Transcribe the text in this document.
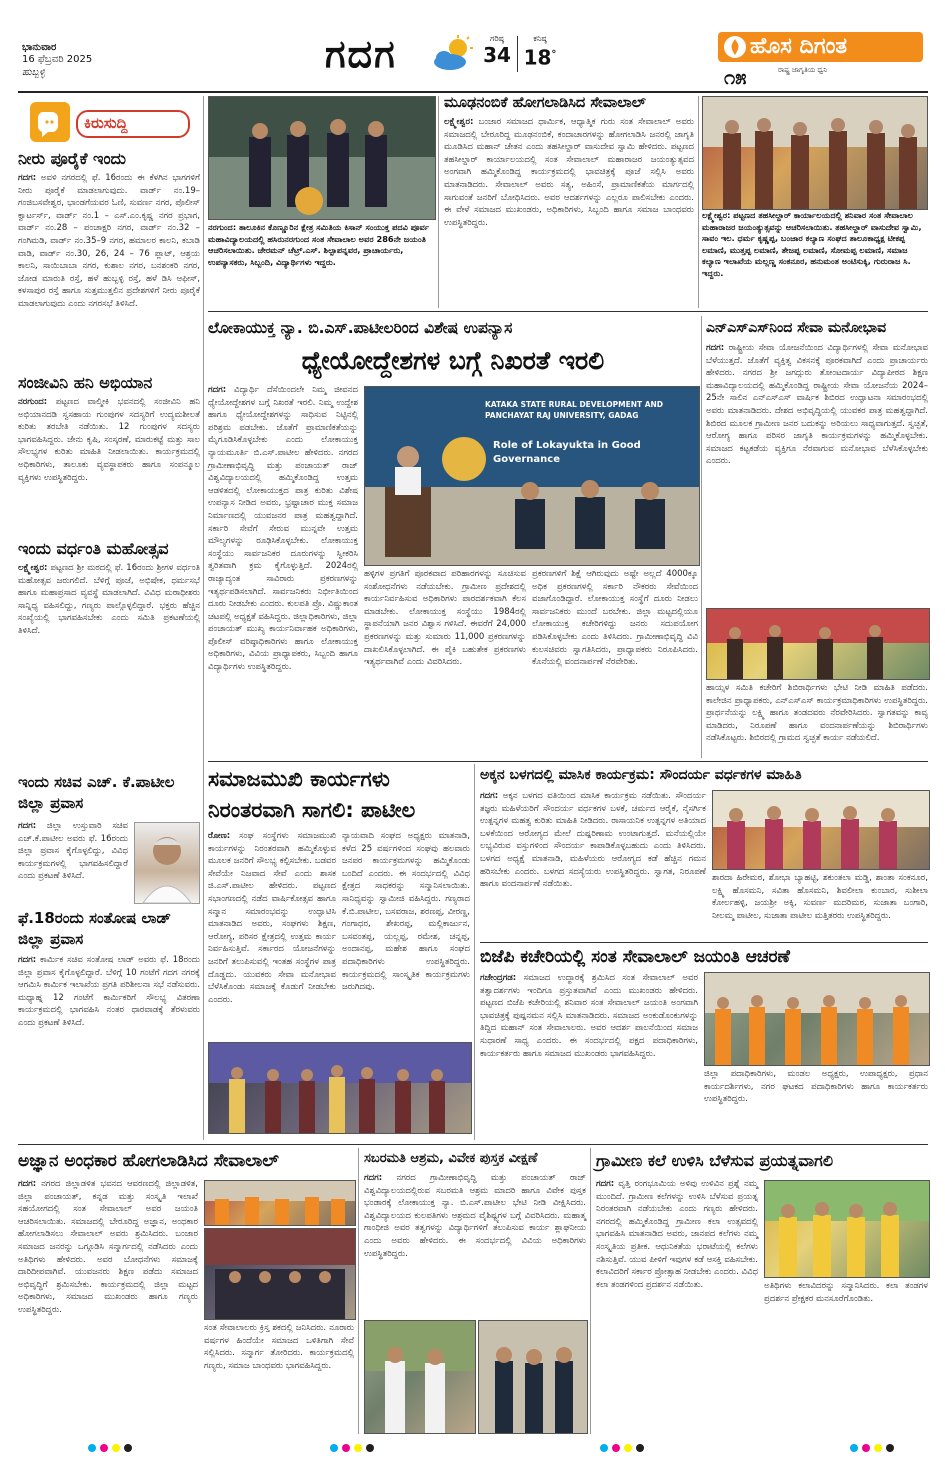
ಭಾನುವಾರ
16 ಫೆಬ್ರವರಿ 2025
ಹುಬ್ಬಳ್ಳಿ	ಗದಗ	ಗರಿಷ್ಠ
34
ಕನಿಷ್ಠ
18°	ಹೊಸ ದಿಗಂತ
ರಾಷ್ಟ್ರ ಜಾಗೃತಿಯ ಧ್ವನಿ
೧೫
ಕಿರುಸುದ್ದಿ
ನೀರು ಪೂರೈಕೆ ಇಂದು
ಗದಗ: ಅವಳಿ ನಗರದಲ್ಲಿ ಫೆ. 16ರಂದು ಈ ಕೆಳಗಿನ ಭಾಗಗಳಿಗೆ ನೀರು ಪೂರೈಕೆ ಮಾಡಲಾಗುವುದು. ವಾರ್ಡ್ ನಂ.19–ಗಂಜಿಬಸವೇಶ್ವರ, ಭಾಂಡಗೆಯವರ ಓಣಿ, ಸುವರ್ಣ ನಗರ, ಪೊಲೀಸ್ ಕ್ವಾರ್ಟರ್ಸ್, ವಾರ್ಡ್ ನಂ.1 – ಎಸ್.ಎಂ.ಕೃಷ್ಣ ನಗರ ಪ್ರಭಾಗ, ವಾರ್ಡ್ ನಂ.28 – ಪಂಚಾಕ್ಷರಿ ನಗರ, ವಾರ್ಡ್ ನಂ.32 – ಗಂಗಿಮಡಿ, ವಾರ್ಡ್ ನಂ.35–9 ನಗರ, ಹಮಾಲರ ಕಾಲನಿ, ಕಬಾಡಿ ವಾಡಿ, ವಾರ್ಡ್ ನಂ.30, 26, 24 – 76 ಪ್ಲಾಟ್, ಆಶ್ರಯ ಕಾಲನಿ, ಸಾಯಿಬಾಬಾ ನಗರ, ಕುಶಾಲ ನಗರ, ಬನಶಂಕರಿ ನಗರ, ಜೋಡ ಮಾರುತಿ ರಸ್ತೆ, ಹಳೆ ಹುಬ್ಬಳ್ಳಿ ರಸ್ತೆ, ಹಳೆ ಡಿಸಿ ಆಫೀಸ್, ಕಳಸಾಪುರ ರಸ್ತೆ ಹಾಗೂ ಸುತ್ತಮುತ್ತಲಿನ ಪ್ರದೇಶಗಳಿಗೆ ನೀರು ಪೂರೈಕೆ ಮಾಡಲಾಗುವುದು ಎಂದು ನಗರಸಭೆ ತಿಳಿಸಿದೆ.
ಸಂಜೀವಿನಿ ಹನಿ ಅಭಿಯಾನ
ನರಗುಂದ: ಪಟ್ಟಣದ ವಾಲ್ಮೀಕಿ ಭವನದಲ್ಲಿ ಸಂಜೀವಿನಿ ಹನಿ ಅಭಿಯಾನದಡಿ ಸ್ವಸಹಾಯ ಗುಂಪುಗಳ ಸದಸ್ಯರಿಗೆ ಉದ್ಯಮಶೀಲತೆ ಕುರಿತು ತರಬೇತಿ ನಡೆಯಿತು. 12 ಗುಂಪುಗಳ ಸದಸ್ಯರು ಭಾಗವಹಿಸಿದ್ದರು. ಜೇನು ಕೃಷಿ, ಸಂಸ್ಕರಣೆ, ಮಾರುಕಟ್ಟೆ ಮತ್ತು ಸಾಲ ಸೌಲಭ್ಯಗಳ ಕುರಿತು ಮಾಹಿತಿ ನೀಡಲಾಯಿತು. ಕಾರ್ಯಕ್ರಮದಲ್ಲಿ ಅಧಿಕಾರಿಗಳು, ತಾಲೂಕು ವ್ಯವಸ್ಥಾಪಕರು ಹಾಗೂ ಸಂಪನ್ಮೂಲ ವ್ಯಕ್ತಿಗಳು ಉಪಸ್ಥಿತರಿದ್ದರು.
ಇಂದು ವರ್ಧಂತಿ ಮಹೋತ್ಸವ
ಲಕ್ಷ್ಮೇಶ್ವರ: ಪಟ್ಟಣದ ಶ್ರೀ ಮಠದಲ್ಲಿ ಫೆ. 16ರಂದು ಶ್ರೀಗಳ ವರ್ಧಂತಿ ಮಹೋತ್ಸವ ಜರುಗಲಿದೆ. ಬೆಳಿಗ್ಗೆ ಪೂಜೆ, ಅಭಿಷೇಕ, ಧರ್ಮಸಭೆ ಹಾಗೂ ಮಹಾಪ್ರಸಾದ ವ್ಯವಸ್ಥೆ ಮಾಡಲಾಗಿದೆ. ವಿವಿಧ ಮಠಾಧೀಶರು ಸಾನ್ನಿಧ್ಯ ವಹಿಸಲಿದ್ದು, ಗಣ್ಯರು ಪಾಲ್ಗೊಳ್ಳಲಿದ್ದಾರೆ. ಭಕ್ತರು ಹೆಚ್ಚಿನ ಸಂಖ್ಯೆಯಲ್ಲಿ ಭಾಗವಹಿಸಬೇಕು ಎಂದು ಸಮಿತಿ ಪ್ರಕಟಣೆಯಲ್ಲಿ ತಿಳಿಸಿದೆ.
ಇಂದು ಸಚಿವ ಎಚ್. ಕೆ.ಪಾಟೀಲ ಜಿಲ್ಲಾ ಪ್ರವಾಸ
ಗದಗ: ಜಿಲ್ಲಾ ಉಸ್ತುವಾರಿ ಸಚಿವ ಎಚ್.ಕೆ.ಪಾಟೀಲ ಅವರು ಫೆ. 16ರಂದು ಜಿಲ್ಲಾ ಪ್ರವಾಸ ಕೈಗೊಳ್ಳಲಿದ್ದು, ವಿವಿಧ ಕಾರ್ಯಕ್ರಮಗಳಲ್ಲಿ ಭಾಗವಹಿಸಲಿದ್ದಾರೆ ಎಂದು ಪ್ರಕಟಣೆ ತಿಳಿಸಿದೆ.
ಫೆ.18ರಂದು ಸಂತೋಷ ಲಾಡ್ ಜಿಲ್ಲಾ ಪ್ರವಾಸ
ಗದಗ: ಕಾರ್ಮಿಕ ಸಚಿವ ಸಂತೋಷ ಲಾಡ್ ಅವರು ಫೆ. 18ರಂದು ಜಿಲ್ಲಾ ಪ್ರವಾಸ ಕೈಗೊಳ್ಳಲಿದ್ದಾರೆ. ಬೆಳಿಗ್ಗೆ 10 ಗಂಟೆಗೆ ಗದಗ ನಗರಕ್ಕೆ ಆಗಮಿಸಿ ಕಾರ್ಮಿಕ ಇಲಾಖೆಯ ಪ್ರಗತಿ ಪರಿಶೀಲನಾ ಸಭೆ ನಡೆಸುವರು. ಮಧ್ಯಾಹ್ನ 12 ಗಂಟೆಗೆ ಕಾರ್ಮಿಕರಿಗೆ ಸೌಲಭ್ಯ ವಿತರಣಾ ಕಾರ್ಯಕ್ರಮದಲ್ಲಿ ಭಾಗವಹಿಸಿ ನಂತರ ಧಾರವಾಡಕ್ಕೆ ತೆರಳುವರು ಎಂದು ಪ್ರಕಟಣೆ ತಿಳಿಸಿದೆ.
ನರಗುಂದ: ತಾಲೂಕಿನ ಕೊಣ್ಣೂರಿನ ಕ್ಷೇತ್ರ ಸಮಿತಿಯ ಕಿಸಾನ್ ಸಂಯುಕ್ತ ಪದವಿ ಪೂರ್ವ ಮಹಾವಿದ್ಯಾಲಯದಲ್ಲಿ ಹಸಿರುನರಗುಂದ ಸಂತ ಸೇವಾಲಾಲ ಅವರ 286ನೇ ಜಯಂತಿ ಆಚರಿಸಲಾಯಿತು. ಚೇರಮನ್ ಚೆಟ್ರ್.ಎಸ್. ಶಿಲ್ಪಾಪನ್ನವರ, ಪ್ರಾಚಾರ್ಯರು, ಉಪನ್ಯಾಸಕರು, ಸಿಬ್ಬಂದಿ, ವಿದ್ಯಾರ್ಥಿಗಳು ಇದ್ದರು.
ಮೂಢನಂಬಿಕೆ ಹೋಗಲಾಡಿಸಿದ ಸೇವಾಲಾಲ್
ಲಕ್ಷ್ಮೇಶ್ವರ: ಬಂಜಾರ ಸಮಾಜದ ಧಾರ್ಮಿಕ, ಆಧ್ಯಾತ್ಮಿಕ ಗುರು ಸಂತ ಸೇವಾಲಾಲ್ ಅವರು ಸಮಾಜದಲ್ಲಿ ಬೇರೂರಿದ್ದ ಮೂಢನಂಬಿಕೆ, ಕಂದಾಚಾರಗಳನ್ನು ಹೋಗಲಾಡಿಸಿ ಜನರಲ್ಲಿ ಜಾಗೃತಿ ಮೂಡಿಸಿದ ಮಹಾನ್ ಚೇತನ ಎಂದು ತಹಸೀಲ್ದಾರ್ ವಾಸುದೇವ ಸ್ವಾಮಿ ಹೇಳಿದರು. ಪಟ್ಟಣದ ತಹಸೀಲ್ದಾರ್ ಕಾರ್ಯಾಲಯದಲ್ಲಿ ಸಂತ ಸೇವಾಲಾಲ್ ಮಹಾರಾಜರ ಜಯಂತ್ಯುತ್ಸವದ ಅಂಗವಾಗಿ ಹಮ್ಮಿಕೊಂಡಿದ್ದ ಕಾರ್ಯಕ್ರಮದಲ್ಲಿ ಭಾವಚಿತ್ರಕ್ಕೆ ಪೂಜೆ ಸಲ್ಲಿಸಿ ಅವರು ಮಾತನಾಡಿದರು. ಸೇವಾಲಾಲ್ ಅವರು ಸತ್ಯ, ಅಹಿಂಸೆ, ಪ್ರಾಮಾಣಿಕತೆಯ ಮಾರ್ಗದಲ್ಲಿ ಸಾಗುವಂತೆ ಜನರಿಗೆ ಬೋಧಿಸಿದರು. ಅವರ ಆದರ್ಶಗಳನ್ನು ಎಲ್ಲರೂ ಪಾಲಿಸಬೇಕು ಎಂದರು. ಈ ವೇಳೆ ಸಮಾಜದ ಮುಖಂಡರು, ಅಧಿಕಾರಿಗಳು, ಸಿಬ್ಬಂದಿ ಹಾಗೂ ಸಮಾಜ ಬಾಂಧವರು ಉಪಸ್ಥಿತರಿದ್ದರು.
ಲಕ್ಷ್ಮೇಶ್ವರ: ಪಟ್ಟಣದ ತಹಸೀಲ್ದಾರ್ ಕಾರ್ಯಾಲಯದಲ್ಲಿ ಶನಿವಾರ ಸಂತ ಸೇವಾಲಾಲ ಮಹಾರಾಜರ ಜಯಂತ್ಯುತ್ಸವನ್ನು ಆಚರಿಸಲಾಯಿತು. ತಹಸೀಲ್ದಾರ್ ವಾಸುದೇವ ಸ್ವಾಮಿ, ಸಾವಂ ಇಲ. ಧರ್ಮ ಕೃಷ್ಣಪ್ಪ, ಬಂಜಾರ ಕಲ್ಯಾಣ ಸಂಘದ ತಾಲೂಕಾಧ್ಯಕ್ಷ ಟೀಕಪ್ಪ ಲಮಾಣಿ, ಮುತ್ತಪ್ಪ ಲಮಾಣಿ, ತೇಜಪ್ಪ ಲಮಾಣಿ, ಸೋಮಪ್ಪ ಲಮಾಣಿ, ಸಮಾಜ ಕಲ್ಯಾಣ ಇಲಾಖೆಯ ಮಲ್ಲಣ್ಣ ಸಂಕನೂರ, ಹನುಮಂತ ಅಂಟಿಸುಕ್ಕಿ, ಗುರುರಾಜ ಸಿ. ಇದ್ದರು.
ಲೋಕಾಯುಕ್ತ ನ್ಯಾ. ಬಿ.ಎಸ್.ಪಾಟೀಲರಿಂದ ವಿಶೇಷ ಉಪನ್ಯಾಸ
ಧ್ಯೇಯೋದ್ದೇಶಗಳ ಬಗ್ಗೆ ನಿಖರತೆ ಇರಲಿ
ಗದಗ: ವಿದ್ಯಾರ್ಥಿ ದೆಸೆಯಿಂದಲೇ ನಿಮ್ಮ ಜೀವನದ ಧ್ಯೇಯೋದ್ದೇಶಗಳ ಬಗ್ಗೆ ನಿಖರತೆ ಇರಲಿ. ನಿಮ್ಮ ಉದ್ದೇಶ ಹಾಗೂ ಧ್ಯೇಯೋದ್ದೇಶಗಳನ್ನು ಸಾಧಿಸುವ ನಿಟ್ಟಿನಲ್ಲಿ ಪರಿಶ್ರಮ ಪಡಬೇಕು. ಜೊತೆಗೆ ಪ್ರಾಮಾಣಿಕತೆಯನ್ನು ಮೈಗೂಡಿಸಿಕೊಳ್ಳಬೇಕು ಎಂದು ಲೋಕಾಯುಕ್ತ ನ್ಯಾಯಮೂರ್ತಿ ಬಿ.ಎಸ್.ಪಾಟೀಲ ಹೇಳಿದರು. ನಗರದ ಗ್ರಾಮೀಣಾಭಿವೃದ್ಧಿ ಮತ್ತು ಪಂಚಾಯತ್ ರಾಜ್ ವಿಶ್ವವಿದ್ಯಾಲಯದಲ್ಲಿ ಹಮ್ಮಿಕೊಂಡಿದ್ದ ಉತ್ತಮ ಆಡಳಿತದಲ್ಲಿ ಲೋಕಾಯುಕ್ತದ ಪಾತ್ರ ಕುರಿತು ವಿಶೇಷ ಉಪನ್ಯಾಸ ನೀಡಿದ ಅವರು, ಭ್ರಷ್ಟಾಚಾರ ಮುಕ್ತ ಸಮಾಜ ನಿರ್ಮಾಣದಲ್ಲಿ ಯುವಜನರ ಪಾತ್ರ ಮಹತ್ವದ್ದಾಗಿದೆ. ಸರ್ಕಾರಿ ಸೇವೆಗೆ ಸೇರುವ ಮುನ್ನವೇ ಉತ್ತಮ ಮೌಲ್ಯಗಳನ್ನು ರೂಢಿಸಿಕೊಳ್ಳಬೇಕು. ಲೋಕಾಯುಕ್ತ ಸಂಸ್ಥೆಯು ಸಾರ್ವಜನಿಕರ ದೂರುಗಳನ್ನು ಸ್ವೀಕರಿಸಿ ತ್ವರಿತವಾಗಿ ಕ್ರಮ ಕೈಗೊಳ್ಳುತ್ತಿದೆ. 2024ರಲ್ಲಿ ರಾಜ್ಯಾದ್ಯಂತ ಸಾವಿರಾರು ಪ್ರಕರಣಗಳನ್ನು ಇತ್ಯರ್ಥಪಡಿಸಲಾಗಿದೆ. ಸಾರ್ವಜನಿಕರು ನಿರ್ಭೀತಿಯಿಂದ ದೂರು ನೀಡಬೇಕು ಎಂದರು. ಕುಲಪತಿ ಪ್ರೊ. ವಿಷ್ಣುಕಾಂತ ಚಟಪಲ್ಲಿ ಅಧ್ಯಕ್ಷತೆ ವಹಿಸಿದ್ದರು. ಜಿಲ್ಲಾಧಿಕಾರಿಗಳು, ಜಿಲ್ಲಾ ಪಂಚಾಯತ್ ಮುಖ್ಯ ಕಾರ್ಯನಿರ್ವಾಹಕ ಅಧಿಕಾರಿಗಳು, ಪೊಲೀಸ್ ವರಿಷ್ಠಾಧಿಕಾರಿಗಳು ಹಾಗೂ ಲೋಕಾಯುಕ್ತ ಅಧಿಕಾರಿಗಳು, ವಿವಿಯ ಪ್ರಾಧ್ಯಾಪಕರು, ಸಿಬ್ಬಂದಿ ಹಾಗೂ ವಿದ್ಯಾರ್ಥಿಗಳು ಉಪಸ್ಥಿತರಿದ್ದರು.
KATAKA STATE RURAL DEVELOPMENT AND PANCHAYAT RAJ UNIVERSITY, GADAG
Role of Lokayukta in Good Governance
ಹಳ್ಳಿಗಳ ಪ್ರಗತಿಗೆ ಪೂರಕವಾದ ಪರಿಹಾರಗಳನ್ನು ಸೂಚಿಸುವ ಸಂಶೋಧನೆಗಳು ನಡೆಯಬೇಕು. ಗ್ರಾಮೀಣ ಪ್ರದೇಶದಲ್ಲಿ ಕಾರ್ಯನಿರ್ವಹಿಸುವ ಅಧಿಕಾರಿಗಳು ಪಾರದರ್ಶಕವಾಗಿ ಕೆಲಸ ಮಾಡಬೇಕು. ಲೋಕಾಯುಕ್ತ ಸಂಸ್ಥೆಯು 1984ರಲ್ಲಿ ಸ್ಥಾಪನೆಯಾಗಿ ಜನರ ವಿಶ್ವಾಸ ಗಳಿಸಿದೆ. ಈವರೆಗೆ 24,000 ಪ್ರಕರಣಗಳನ್ನು ಮತ್ತು ಸುಮಾರು 11,000 ಪ್ರಕರಣಗಳನ್ನು ದಾಖಲಿಸಿಕೊಳ್ಳಲಾಗಿದೆ. ಈ ಪೈಕಿ ಬಹುತೇಕ ಪ್ರಕರಣಗಳು ಇತ್ಯರ್ಥವಾಗಿವೆ ಎಂದು ವಿವರಿಸಿದರು.
ಪ್ರಕರಣಗಳಿಗೆ ಶಿಕ್ಷೆ ಆಗಿರುವುದು ಅಷ್ಟೇ ಅಲ್ಲದೆ 4000ಕ್ಕೂ ಅಧಿಕ ಪ್ರಕರಣಗಳಲ್ಲಿ ಸರ್ಕಾರಿ ನೌಕರರು ಸೇವೆಯಿಂದ ವಜಾಗೊಂಡಿದ್ದಾರೆ. ಲೋಕಾಯುಕ್ತ ಸಂಸ್ಥೆಗೆ ದೂರು ನೀಡಲು ಸಾರ್ವಜನಿಕರು ಮುಂದೆ ಬರಬೇಕು. ಜಿಲ್ಲಾ ಮಟ್ಟದಲ್ಲಿಯೂ ಲೋಕಾಯುಕ್ತ ಕಚೇರಿಗಳಿದ್ದು ಜನರು ಸದುಪಯೋಗ ಪಡಿಸಿಕೊಳ್ಳಬೇಕು ಎಂದು ತಿಳಿಸಿದರು. ಗ್ರಾಮೀಣಾಭಿವೃದ್ಧಿ ವಿವಿ ಕುಲಸಚಿವರು ಸ್ವಾಗತಿಸಿದರು, ಪ್ರಾಧ್ಯಾಪಕರು ನಿರೂಪಿಸಿದರು. ಕೊನೆಯಲ್ಲಿ ವಂದನಾರ್ಪಣೆ ನೆರವೇರಿತು.
ಎನ್‌ಎಸ್‌ಎಸ್‌ನಿಂದ ಸೇವಾ ಮನೋಭಾವ
ಗದಗ: ರಾಷ್ಟ್ರೀಯ ಸೇವಾ ಯೋಜನೆಯಿಂದ ವಿದ್ಯಾರ್ಥಿಗಳಲ್ಲಿ ಸೇವಾ ಮನೋಭಾವ ಬೆಳೆಯುತ್ತದೆ. ಜೊತೆಗೆ ವ್ಯಕ್ತಿತ್ವ ವಿಕಸನಕ್ಕೆ ಪೂರಕವಾಗಿದೆ ಎಂದು ಪ್ರಾಚಾರ್ಯರು ಹೇಳಿದರು. ನಗರದ ಶ್ರೀ ಜಗದ್ಗುರು ತೋಂಟದಾರ್ಯ ವಿದ್ಯಾಪೀಠದ ಶಿಕ್ಷಣ ಮಹಾವಿದ್ಯಾಲಯದಲ್ಲಿ ಹಮ್ಮಿಕೊಂಡಿದ್ದ ರಾಷ್ಟ್ರೀಯ ಸೇವಾ ಯೋಜನೆಯ 2024–25ನೇ ಸಾಲಿನ ಎನ್‌ಎಸ್‌ಎಸ್ ವಾರ್ಷಿಕ ಶಿಬಿರದ ಉದ್ಘಾಟನಾ ಸಮಾರಂಭದಲ್ಲಿ ಅವರು ಮಾತನಾಡಿದರು. ದೇಶದ ಅಭಿವೃದ್ಧಿಯಲ್ಲಿ ಯುವಕರ ಪಾತ್ರ ಮಹತ್ವದ್ದಾಗಿದೆ. ಶಿಬಿರದ ಮೂಲಕ ಗ್ರಾಮೀಣ ಜನರ ಬದುಕನ್ನು ಅರಿಯಲು ಸಾಧ್ಯವಾಗುತ್ತದೆ. ಸ್ವಚ್ಛತೆ, ಆರೋಗ್ಯ ಹಾಗೂ ಪರಿಸರ ಜಾಗೃತಿ ಕಾರ್ಯಕ್ರಮಗಳನ್ನು ಹಮ್ಮಿಕೊಳ್ಳಬೇಕು. ಸಮಾಜದ ಕಟ್ಟಕಡೆಯ ವ್ಯಕ್ತಿಗೂ ನೆರವಾಗುವ ಮನೋಭಾವ ಬೆಳೆಸಿಕೊಳ್ಳಬೇಕು ಎಂದರು.
ಹಾಯ್ಸಳ ಸಮಿತಿ ಕಚೇರಿಗೆ ಶಿಬಿರಾರ್ಥಿಗಳು ಭೇಟಿ ನೀಡಿ ಮಾಹಿತಿ ಪಡೆದರು. ಕಾಲೇಜಿನ ಪ್ರಾಧ್ಯಾಪಕರು, ಎನ್‌ಎಸ್‌ಎಸ್ ಕಾರ್ಯಕ್ರಮಾಧಿಕಾರಿಗಳು ಉಪಸ್ಥಿತರಿದ್ದರು. ಪ್ರಾರ್ಥನೆಯನ್ನು ಲಕ್ಷ್ಮಿ ಹಾಗೂ ತಂಡದವರು ನೆರವೇರಿಸಿದರು. ಸ್ವಾಗತವನ್ನು ಕಾವ್ಯ ಮಾಡಿದರು, ನಿರೂಪಣೆ ಹಾಗೂ ವಂದನಾರ್ಪಣೆಯನ್ನು ಶಿಬಿರಾರ್ಥಿಗಳು ನಡೆಸಿಕೊಟ್ಟರು. ಶಿಬಿರದಲ್ಲಿ ಗ್ರಾಮದ ಸ್ವಚ್ಛತೆ ಕಾರ್ಯ ನಡೆಯಲಿದೆ.
ಸಮಾಜಮುಖಿ ಕಾರ್ಯಗಳು ನಿರಂತರವಾಗಿ ಸಾಗಲಿ: ಪಾಟೀಲ
ರೋಣ: ಸಂಘ ಸಂಸ್ಥೆಗಳು ಸಮಾಜಮುಖಿ ಕಾರ್ಯಗಳನ್ನು ನಿರಂತರವಾಗಿ ಹಮ್ಮಿಕೊಳ್ಳುವ ಮೂಲಕ ಜನರಿಗೆ ಸೌಲಭ್ಯ ಕಲ್ಪಿಸಬೇಕು. ಬಡವರ ಸೇವೆಯೇ ನಿಜವಾದ ಸೇವೆ ಎಂದು ಶಾಸಕ ಜಿ.ಎಸ್.ಪಾಟೀಲ ಹೇಳಿದರು. ಪಟ್ಟಣದ ಸಭಾಂಗಣದಲ್ಲಿ ನಡೆದ ವಾರ್ಷಿಕೋತ್ಸವ ಹಾಗೂ ಸನ್ಮಾನ ಸಮಾರಂಭವನ್ನು ಉದ್ಘಾಟಿಸಿ ಮಾತನಾಡಿದ ಅವರು, ಸಂಘಗಳು ಶಿಕ್ಷಣ, ಆರೋಗ್ಯ, ಪರಿಸರ ಕ್ಷೇತ್ರದಲ್ಲಿ ಉತ್ತಮ ಕಾರ್ಯ ನಿರ್ವಹಿಸುತ್ತಿವೆ. ಸರ್ಕಾರದ ಯೋಜನೆಗಳನ್ನು ಜನರಿಗೆ ತಲುಪಿಸುವಲ್ಲಿ ಇಂತಹ ಸಂಸ್ಥೆಗಳ ಪಾತ್ರ ದೊಡ್ಡದು. ಯುವಕರು ಸೇವಾ ಮನೋಭಾವ ಬೆಳೆಸಿಕೊಂಡು ಸಮಾಜಕ್ಕೆ ಕೊಡುಗೆ ನೀಡಬೇಕು ಎಂದರು.
ನ್ಯಾಯವಾದಿ ಸಂಘದ ಅಧ್ಯಕ್ಷರು ಮಾತನಾಡಿ, ಕಳೆದ 25 ವರ್ಷಗಳಿಂದ ಸಂಘವು ಹಲವಾರು ಜನಪರ ಕಾರ್ಯಕ್ರಮಗಳನ್ನು ಹಮ್ಮಿಕೊಂಡು ಬಂದಿದೆ ಎಂದರು. ಈ ಸಂದರ್ಭದಲ್ಲಿ ವಿವಿಧ ಕ್ಷೇತ್ರದ ಸಾಧಕರನ್ನು ಸನ್ಮಾನಿಸಲಾಯಿತು. ಸಾನಿಧ್ಯವನ್ನು ಸ್ವಾಮೀಜಿ ವಹಿಸಿದ್ದರು. ಗಣ್ಯರಾದ ಕೆ.ಬಿ.ಪಾಟೀಲ, ಬಸವರಾಜ, ಶರಣಪ್ಪ, ವೀರಣ್ಣ, ಗಂಗಾಧರ, ಶೇಖರಪ್ಪ, ಮಲ್ಲಿಕಾರ್ಜುನ, ಬಸವಂತಪ್ಪ, ಯಲ್ಲಪ್ಪ, ರಮೇಶ, ಚನ್ನಪ್ಪ, ಅಂದಾನಪ್ಪ, ಮಹೇಶ ಹಾಗೂ ಸಂಘದ ಪದಾಧಿಕಾರಿಗಳು ಉಪಸ್ಥಿತರಿದ್ದರು. ಕಾರ್ಯಕ್ರಮದಲ್ಲಿ ಸಾಂಸ್ಕೃತಿಕ ಕಾರ್ಯಕ್ರಮಗಳು ಜರುಗಿದವು.
ಅಕ್ಕನ ಬಳಗದಲ್ಲಿ ಮಾಸಿಕ ಕಾರ್ಯಕ್ರಮ: ಸೌಂದರ್ಯ ವರ್ಧಕಗಳ ಮಾಹಿತಿ
ಗದಗ: ಅಕ್ಕನ ಬಳಗದ ವತಿಯಿಂದ ಮಾಸಿಕ ಕಾರ್ಯಕ್ರಮ ನಡೆಯಿತು. ಸೌಂದರ್ಯ ತಜ್ಞರು ಮಹಿಳೆಯರಿಗೆ ಸೌಂದರ್ಯ ವರ್ಧಕಗಳ ಬಳಕೆ, ಚರ್ಮದ ಆರೈಕೆ, ನೈಸರ್ಗಿಕ ಉತ್ಪನ್ನಗಳ ಮಹತ್ವ ಕುರಿತು ಮಾಹಿತಿ ನೀಡಿದರು. ರಾಸಾಯನಿಕ ಉತ್ಪನ್ನಗಳ ಅತಿಯಾದ ಬಳಕೆಯಿಂದ ಆರೋಗ್ಯದ ಮೇಲೆ ದುಷ್ಪರಿಣಾಮ ಉಂಟಾಗುತ್ತದೆ. ಮನೆಯಲ್ಲಿಯೇ ಲಭ್ಯವಿರುವ ವಸ್ತುಗಳಿಂದ ಸೌಂದರ್ಯ ಕಾಪಾಡಿಕೊಳ್ಳಬಹುದು ಎಂದು ತಿಳಿಸಿದರು. ಬಳಗದ ಅಧ್ಯಕ್ಷೆ ಮಾತನಾಡಿ, ಮಹಿಳೆಯರು ಆರೋಗ್ಯದ ಕಡೆ ಹೆಚ್ಚಿನ ಗಮನ ಹರಿಸಬೇಕು ಎಂದರು. ಬಳಗದ ಸದಸ್ಯೆಯರು ಉಪಸ್ಥಿತರಿದ್ದರು. ಸ್ವಾಗತ, ನಿರೂಪಣೆ ಹಾಗೂ ವಂದನಾರ್ಪಣೆ ನಡೆಯಿತು.
ಶಾರದಾ ಹಿರೇಮಠ, ಶೋಭಾ ಬ್ಯಾಹಟ್ಟಿ, ಶಕುಂತಲಾ ಮಡ್ಡಿ, ಶಾಂತಾ ಸಂಕನೂರ, ಲಕ್ಷ್ಮಿ ಹೊಸಮನಿ, ಸವಿತಾ ಹೊಸಮನಿ, ಶಿವಲೀಲಾ ಕುಂಬಾರ, ಸುಶೀಲಾ ಕೋರ್ಲಹಳ್ಳಿ, ಜಯಶ್ರೀ ಅಕ್ಕಿ, ಸುವರ್ಣ ಮದರಿಮಠ, ಸುಜಾತಾ ಬಂಗಾರಿ, ನೀಲಮ್ಮ ಪಾಟೀಲ, ಸುಜಾತಾ ಪಾಟೀಲ ಮತ್ತಿತರರು ಉಪಸ್ಥಿತರಿದ್ದರು.
ಬಿಜೆಪಿ ಕಚೇರಿಯಲ್ಲಿ ಸಂತ ಸೇವಾಲಾಲ್ ಜಯಂತಿ ಆಚರಣೆ
ಗಜೇಂದ್ರಗಡ: ಸಮಾಜದ ಉದ್ಧಾರಕ್ಕೆ ಶ್ರಮಿಸಿದ ಸಂತ ಸೇವಾಲಾಲ್ ಅವರ ತತ್ವಾದರ್ಶಗಳು ಇಂದಿಗೂ ಪ್ರಸ್ತುತವಾಗಿವೆ ಎಂದು ಮುಖಂಡರು ಹೇಳಿದರು. ಪಟ್ಟಣದ ಬಿಜೆಪಿ ಕಚೇರಿಯಲ್ಲಿ ಶನಿವಾರ ಸಂತ ಸೇವಾಲಾಲ್ ಜಯಂತಿ ಅಂಗವಾಗಿ ಭಾವಚಿತ್ರಕ್ಕೆ ಪುಷ್ಪನಮನ ಸಲ್ಲಿಸಿ ಮಾತನಾಡಿದರು. ಸಮಾಜದ ಅಂಕುಡೊಂಕುಗಳನ್ನು ತಿದ್ದಿದ ಮಹಾನ್ ಸಂತ ಸೇವಾಲಾಲರು. ಅವರ ಆದರ್ಶ ಪಾಲನೆಯಿಂದ ಸಮಾಜ ಸುಧಾರಣೆ ಸಾಧ್ಯ ಎಂದರು. ಈ ಸಂದರ್ಭದಲ್ಲಿ ಪಕ್ಷದ ಪದಾಧಿಕಾರಿಗಳು, ಕಾರ್ಯಕರ್ತರು ಹಾಗೂ ಸಮಾಜದ ಮುಖಂಡರು ಭಾಗವಹಿಸಿದ್ದರು.
ಜಿಲ್ಲಾ ಪದಾಧಿಕಾರಿಗಳು, ಮಂಡಲ ಅಧ್ಯಕ್ಷರು, ಉಪಾಧ್ಯಕ್ಷರು, ಪ್ರಧಾನ ಕಾರ್ಯದರ್ಶಿಗಳು, ನಗರ ಘಟಕದ ಪದಾಧಿಕಾರಿಗಳು ಹಾಗೂ ಕಾರ್ಯಕರ್ತರು ಉಪಸ್ಥಿತರಿದ್ದರು.
ಅಜ್ಞಾನ ಅಂಧಕಾರ ಹೋಗಲಾಡಿಸಿದ ಸೇವಾಲಾಲ್
ಗದಗ: ನಗರದ ಜಿಲ್ಲಾಡಳಿತ ಭವನದ ಆವರಣದಲ್ಲಿ ಜಿಲ್ಲಾಡಳಿತ, ಜಿಲ್ಲಾ ಪಂಚಾಯತ್, ಕನ್ನಡ ಮತ್ತು ಸಂಸ್ಕೃತಿ ಇಲಾಖೆ ಸಹಯೋಗದಲ್ಲಿ ಸಂತ ಸೇವಾಲಾಲ್ ಅವರ ಜಯಂತಿ ಆಚರಿಸಲಾಯಿತು. ಸಮಾಜದಲ್ಲಿ ಬೇರೂರಿದ್ದ ಅಜ್ಞಾನ, ಅಂಧಕಾರ ಹೋಗಲಾಡಿಸಲು ಸೇವಾಲಾಲ್ ಅವರು ಶ್ರಮಿಸಿದರು. ಬಂಜಾರ ಸಮಾಜದ ಜನರನ್ನು ಒಗ್ಗೂಡಿಸಿ ಸನ್ಮಾರ್ಗದಲ್ಲಿ ನಡೆಸಿದರು ಎಂದು ಅತಿಥಿಗಳು ಹೇಳಿದರು. ಅವರ ಬೋಧನೆಗಳು ಸಮಾಜಕ್ಕೆ ದಾರಿದೀಪವಾಗಿವೆ. ಯುವಜನರು ಶಿಕ್ಷಣ ಪಡೆದು ಸಮಾಜದ ಅಭಿವೃದ್ಧಿಗೆ ಶ್ರಮಿಸಬೇಕು. ಕಾರ್ಯಕ್ರಮದಲ್ಲಿ ಜಿಲ್ಲಾ ಮಟ್ಟದ ಅಧಿಕಾರಿಗಳು, ಸಮಾಜದ ಮುಖಂಡರು ಹಾಗೂ ಗಣ್ಯರು ಉಪಸ್ಥಿತರಿದ್ದರು.
ಸಂತ ಸೇವಾಲಾಲರು ಕ್ರಿಸ್ತ ಶಕದಲ್ಲಿ ಜನಿಸಿದರು. ನೂರಾರು ವರ್ಷಗಳ ಹಿಂದೆಯೇ ಸಮಾಜದ ಒಳಿತಿಗಾಗಿ ಸೇವೆ ಸಲ್ಲಿಸಿದರು. ಸನ್ಮಾರ್ಗ ತೋರಿದರು. ಕಾರ್ಯಕ್ರಮದಲ್ಲಿ ಗಣ್ಯರು, ಸಮಾಜ ಬಾಂಧವರು ಭಾಗವಹಿಸಿದ್ದರು.
ಸಬರಮತಿ ಆಶ್ರಮ, ವಿವೇಕ ಪುಸ್ತಕ ವೀಕ್ಷಣೆ
ಗದಗ: ನಗರದ ಗ್ರಾಮೀಣಾಭಿವೃದ್ಧಿ ಮತ್ತು ಪಂಚಾಯತ್ ರಾಜ್ ವಿಶ್ವವಿದ್ಯಾಲಯದಲ್ಲಿರುವ ಸಬರಮತಿ ಆಶ್ರಮ ಮಾದರಿ ಹಾಗೂ ವಿವೇಕ ಪುಸ್ತಕ ಭಂಡಾರಕ್ಕೆ ಲೋಕಾಯುಕ್ತ ನ್ಯಾ. ಬಿ.ಎಸ್.ಪಾಟೀಲ ಭೇಟಿ ನೀಡಿ ವೀಕ್ಷಿಸಿದರು. ವಿಶ್ವವಿದ್ಯಾಲಯದ ಕುಲಪತಿಗಳು ಆಶ್ರಮದ ವೈಶಿಷ್ಟ್ಯಗಳ ಬಗ್ಗೆ ವಿವರಿಸಿದರು. ಮಹಾತ್ಮ ಗಾಂಧೀಜಿ ಅವರ ತತ್ವಗಳನ್ನು ವಿದ್ಯಾರ್ಥಿಗಳಿಗೆ ತಲುಪಿಸುವ ಕಾರ್ಯ ಶ್ಲಾಘನೀಯ ಎಂದು ಅವರು ಹೇಳಿದರು. ಈ ಸಂದರ್ಭದಲ್ಲಿ ವಿವಿಯ ಅಧಿಕಾರಿಗಳು ಉಪಸ್ಥಿತರಿದ್ದರು.
ಗ್ರಾಮೀಣ ಕಲೆ ಉಳಿಸಿ ಬೆಳೆಸುವ ಪ್ರಯತ್ನವಾಗಲಿ
ಗದಗ: ವೃತ್ತಿ ರಂಗಭೂಮಿಯ ಅಳಿವು ಉಳಿವಿನ ಪ್ರಶ್ನೆ ನಮ್ಮ ಮುಂದಿದೆ. ಗ್ರಾಮೀಣ ಕಲೆಗಳನ್ನು ಉಳಿಸಿ ಬೆಳೆಸುವ ಪ್ರಯತ್ನ ನಿರಂತರವಾಗಿ ನಡೆಯಬೇಕು ಎಂದು ಗಣ್ಯರು ಹೇಳಿದರು. ನಗರದಲ್ಲಿ ಹಮ್ಮಿಕೊಂಡಿದ್ದ ಗ್ರಾಮೀಣ ಕಲಾ ಉತ್ಸವದಲ್ಲಿ ಭಾಗವಹಿಸಿ ಮಾತನಾಡಿದ ಅವರು, ಜಾನಪದ ಕಲೆಗಳು ನಮ್ಮ ಸಂಸ್ಕೃತಿಯ ಪ್ರತೀಕ. ಆಧುನಿಕತೆಯ ಭರಾಟೆಯಲ್ಲಿ ಕಲೆಗಳು ನಶಿಸುತ್ತಿವೆ. ಯುವ ಪೀಳಿಗೆ ಇವುಗಳ ಕಡೆ ಆಸಕ್ತಿ ವಹಿಸಬೇಕು. ಕಲಾವಿದರಿಗೆ ಸರ್ಕಾರ ಪ್ರೋತ್ಸಾಹ ನೀಡಬೇಕು ಎಂದರು. ವಿವಿಧ ಕಲಾ ತಂಡಗಳಿಂದ ಪ್ರದರ್ಶನ ನಡೆಯಿತು.	ಅತಿಥಿಗಳು ಕಲಾವಿದರನ್ನು ಸನ್ಮಾನಿಸಿದರು. ಕಲಾ ತಂಡಗಳ ಪ್ರದರ್ಶನ ಪ್ರೇಕ್ಷಕರ ಮನಸೂರೆಗೊಂಡಿತು.
